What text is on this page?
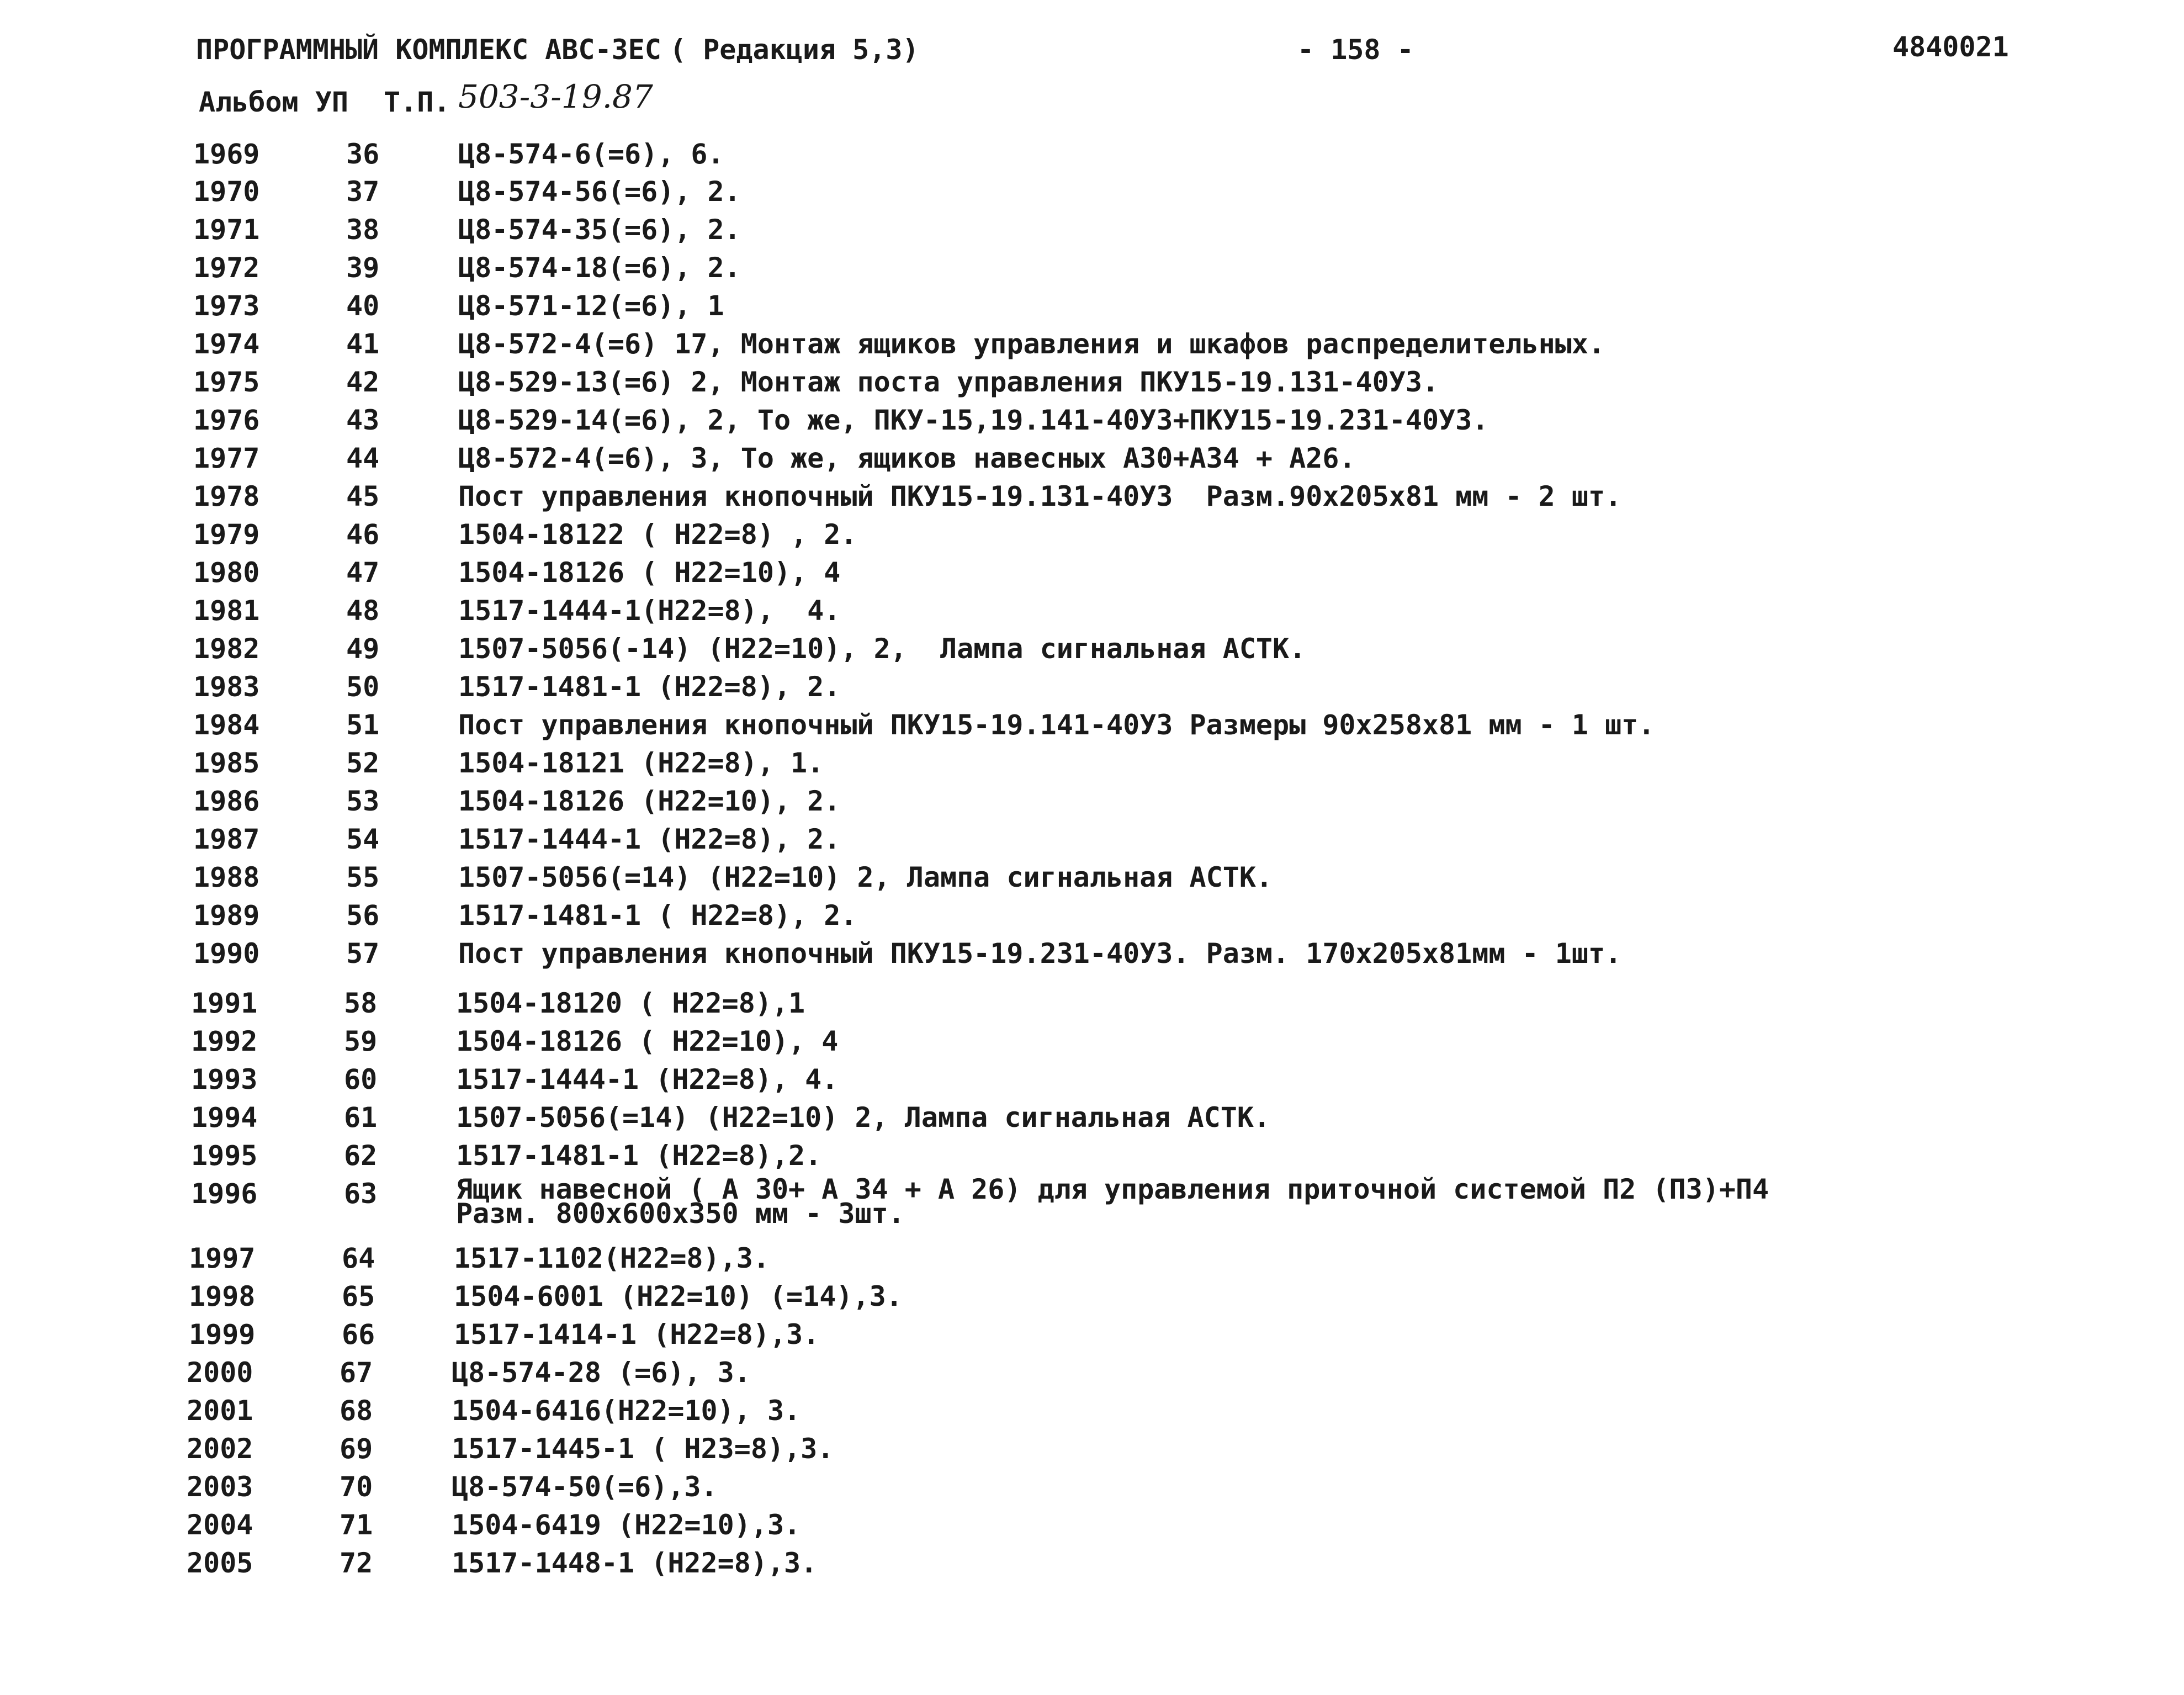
ПРОГРАММНЫЙ КОМПЛЕКС АВС-ЗЕС ( Редакция 5,3)	- 158 -	4840021
Альбом УП Т.П. 503-3-19.87
1969	36	Ц8-574-6(=6), 6.
1970	37	Ц8-574-56(=6), 2.
1971	38	Ц8-574-35(=6), 2.
1972	39	Ц8-574-18(=6), 2.
1973	40	Ц8-571-12(=6), 1
1974	41	Ц8-572-4(=6) 17, Монтаж ящиков управления и шкафов распределительных.
1975	42	Ц8-529-13(=6) 2, Монтаж поста управления ПКУ15-19.131-40У3.
1976	43	Ц8-529-14(=6), 2, То же, ПКУ-15,19.141-40У3+ПКУ15-19.231-40У3.
1977	44	Ц8-572-4(=6), 3, То же, ящиков навесных А30+А34 + А26.
1978	45	Пост управления кнопочный ПКУ15-19.131-40У3  Разм.90х205х81 мм - 2 шт.
1979	46	1504-18122 ( Н22=8) , 2.
1980	47	1504-18126 ( Н22=10), 4
1981	48	1517-1444-1(Н22=8),  4.
1982	49	1507-5056(-14) (Н22=10), 2,  Лампа сигнальная АСТК.
1983	50	1517-1481-1 (Н22=8), 2.
1984	51	Пост управления кнопочный ПКУ15-19.141-40У3 Размеры 90х258х81 мм - 1 шт.
1985	52	1504-18121 (Н22=8), 1.
1986	53	1504-18126 (Н22=10), 2.
1987	54	1517-1444-1 (Н22=8), 2.
1988	55	1507-5056(=14) (Н22=10) 2, Лампа сигнальная АСТК.
1989	56	1517-1481-1 ( Н22=8), 2.
1990	57	Пост управления кнопочный ПКУ15-19.231-40У3. Разм. 170х205х81мм - 1шт.
1991	58	1504-18120 ( Н22=8),1
1992	59	1504-18126 ( Н22=10), 4
1993	60	1517-1444-1 (Н22=8), 4.
1994	61	1507-5056(=14) (Н22=10) 2, Лампа сигнальная АСТК.
1995	62	1517-1481-1 (Н22=8),2.
1996	63	Ящик навесной ( А 30+ А 34 + А 26) для управления приточной системой П2 (П3)+П4
Разм. 800х600х350 мм - 3шт.
1997	64	1517-1102(Н22=8),3.
1998	65	1504-6001 (Н22=10) (=14),3.
1999	66	1517-1414-1 (Н22=8),3.
2000	67	Ц8-574-28 (=6), 3.
2001	68	1504-6416(Н22=10), 3.
2002	69	1517-1445-1 ( Н23=8),3.
2003	70	Ц8-574-50(=6),3.
2004	71	1504-6419 (Н22=10),3.
2005	72	1517-1448-1 (Н22=8),3.
